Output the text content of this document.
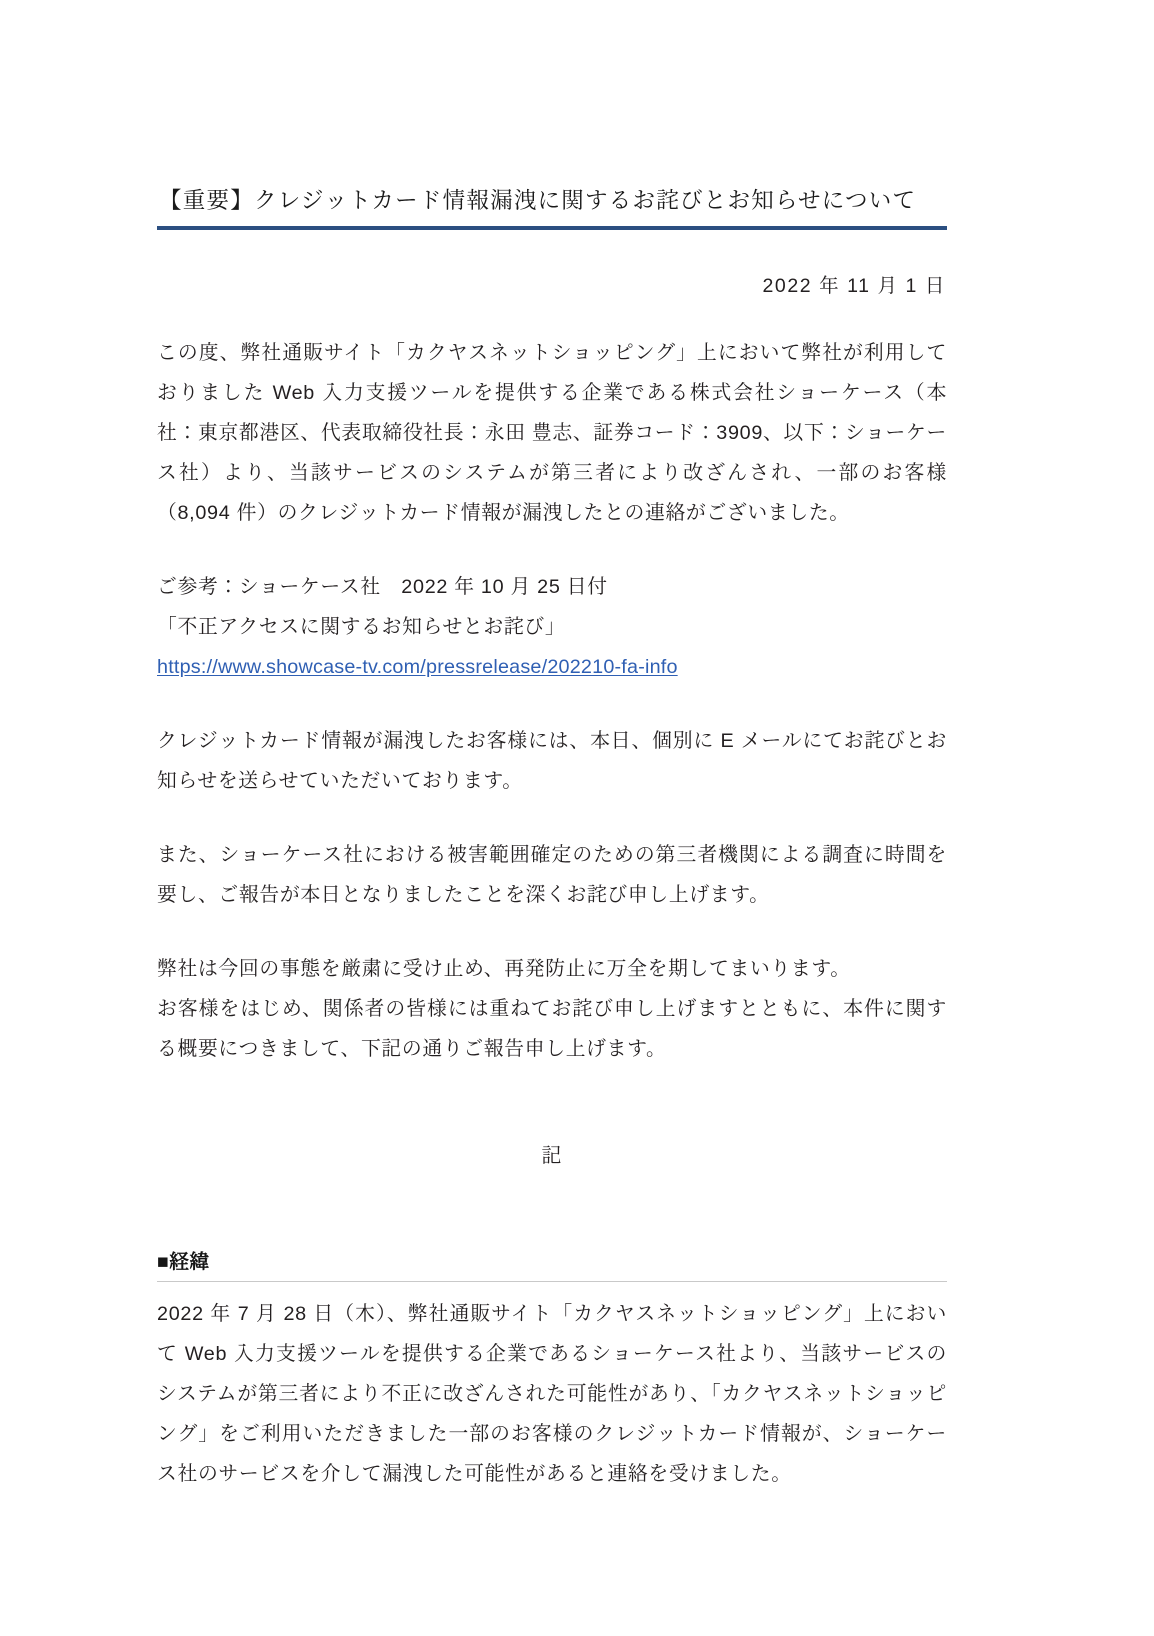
【重要】クレジットカード情報漏洩に関するお詫びとお知らせについて
2022 年 11 月 1 日

この度、弊社通販サイト「カクヤスネットショッピング」上において弊社が利用しておりました Web 入力支援ツールを提供する企業である株式会社ショーケース（本社：東京都港区、代表取締役社長：永田 豊志、証券コード：3909、以下：ショーケース社）より、当該サービスのシステムが第三者により改ざんされ、一部のお客様（8,094 件）のクレジットカード情報が漏洩したとの連絡がございました。

ご参考：ショーケース社　2022 年 10 月 25 日付

「不正アクセスに関するお知らせとお詫び」

https://www.showcase-tv.com/pressrelease/202210-fa-info

クレジットカード情報が漏洩したお客様には、本日、個別に E メールにてお詫びとお知らせを送らせていただいております。

また、ショーケース社における被害範囲確定のための第三者機関による調査に時間を要し、ご報告が本日となりましたことを深くお詫び申し上げます。

弊社は今回の事態を厳粛に受け止め、再発防止に万全を期してまいります。

お客様をはじめ、関係者の皆様には重ねてお詫び申し上げますとともに、本件に関する概要につきまして、下記の通りご報告申し上げます。

記
■経緯

2022 年 7 月 28 日（木）、弊社通販サイト「カクヤスネットショッピング」上において Web 入力支援ツールを提供する企業であるショーケース社より、当該サービスのシステムが第三者により不正に改ざんされた可能性があり、「カクヤスネットショッピング」をご利用いただきました一部のお客様のクレジットカード情報が、ショーケース社のサービスを介して漏洩した可能性があると連絡を受けました。
